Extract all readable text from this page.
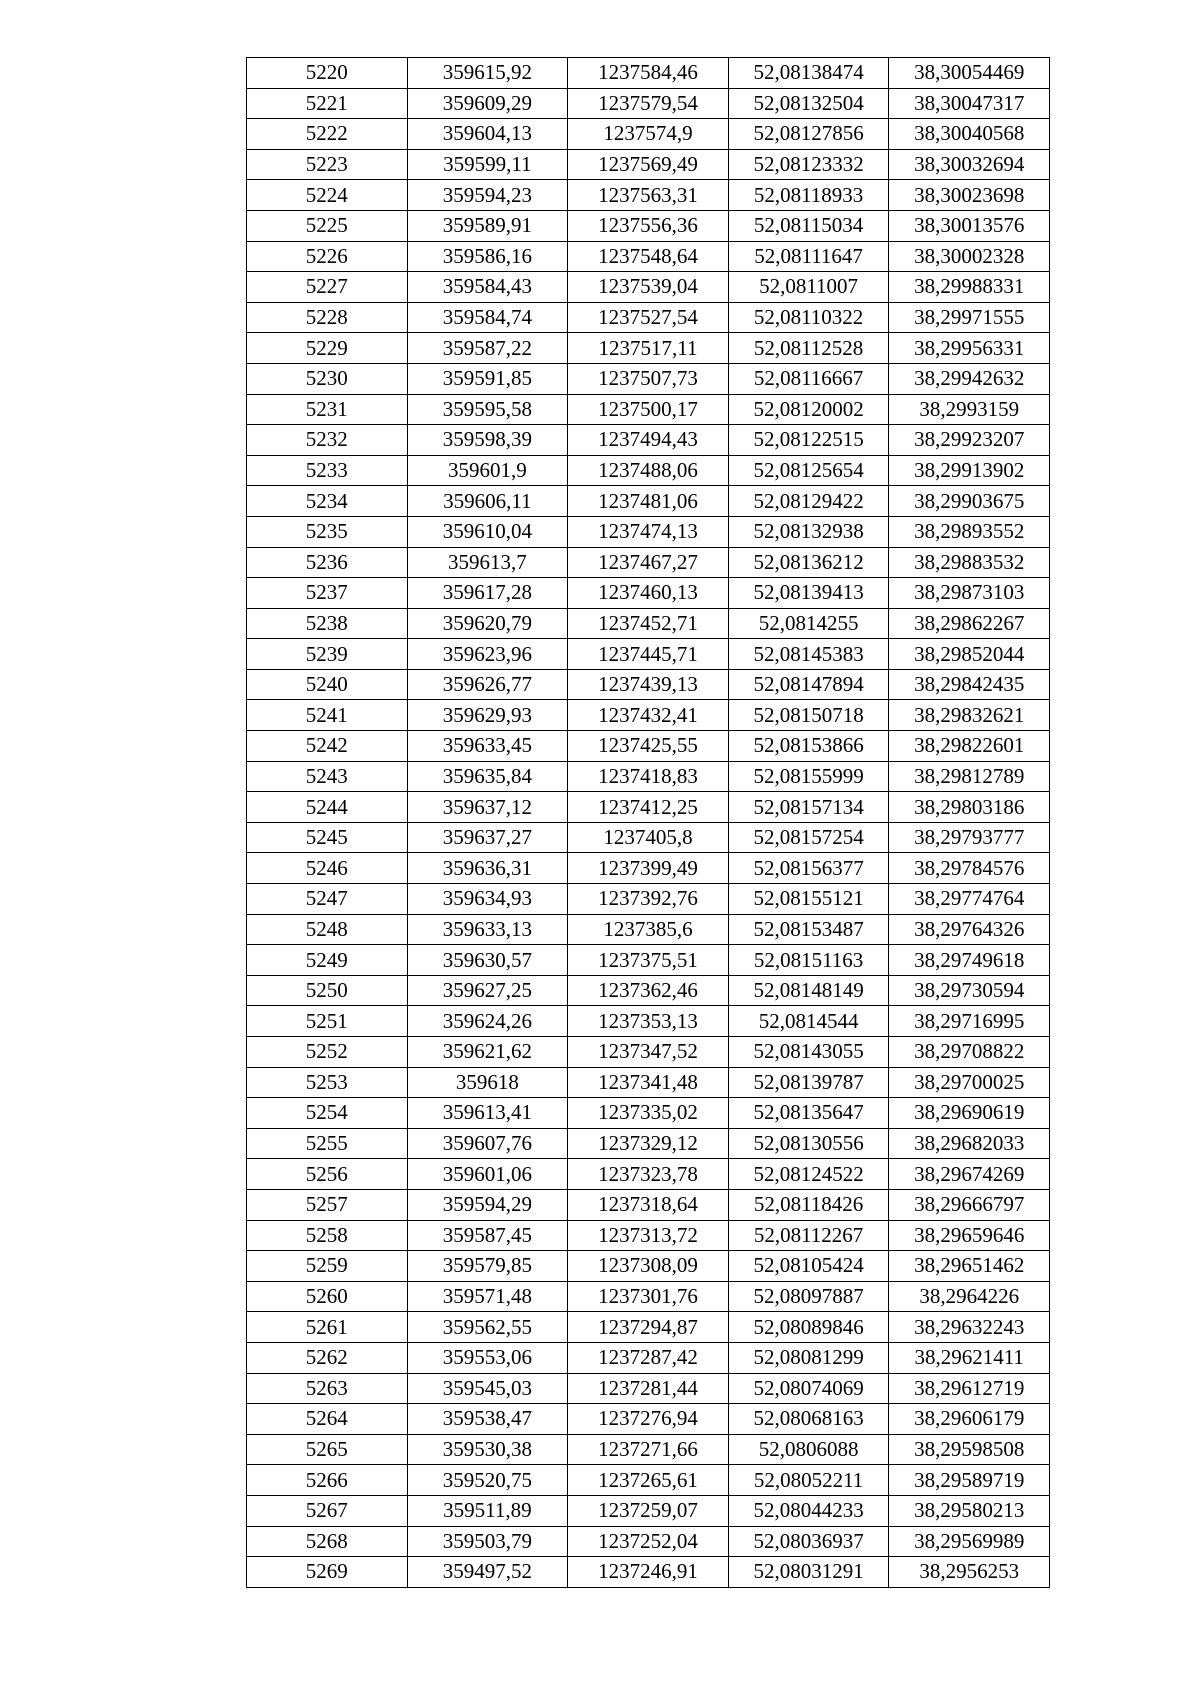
5220	359615,92	1237584,46	52,08138474	38,30054469
5221	359609,29	1237579,54	52,08132504	38,30047317
5222	359604,13	1237574,9	52,08127856	38,30040568
5223	359599,11	1237569,49	52,08123332	38,30032694
5224	359594,23	1237563,31	52,08118933	38,30023698
5225	359589,91	1237556,36	52,08115034	38,30013576
5226	359586,16	1237548,64	52,08111647	38,30002328
5227	359584,43	1237539,04	52,0811007	38,29988331
5228	359584,74	1237527,54	52,08110322	38,29971555
5229	359587,22	1237517,11	52,08112528	38,29956331
5230	359591,85	1237507,73	52,08116667	38,29942632
5231	359595,58	1237500,17	52,08120002	38,2993159
5232	359598,39	1237494,43	52,08122515	38,29923207
5233	359601,9	1237488,06	52,08125654	38,29913902
5234	359606,11	1237481,06	52,08129422	38,29903675
5235	359610,04	1237474,13	52,08132938	38,29893552
5236	359613,7	1237467,27	52,08136212	38,29883532
5237	359617,28	1237460,13	52,08139413	38,29873103
5238	359620,79	1237452,71	52,0814255	38,29862267
5239	359623,96	1237445,71	52,08145383	38,29852044
5240	359626,77	1237439,13	52,08147894	38,29842435
5241	359629,93	1237432,41	52,08150718	38,29832621
5242	359633,45	1237425,55	52,08153866	38,29822601
5243	359635,84	1237418,83	52,08155999	38,29812789
5244	359637,12	1237412,25	52,08157134	38,29803186
5245	359637,27	1237405,8	52,08157254	38,29793777
5246	359636,31	1237399,49	52,08156377	38,29784576
5247	359634,93	1237392,76	52,08155121	38,29774764
5248	359633,13	1237385,6	52,08153487	38,29764326
5249	359630,57	1237375,51	52,08151163	38,29749618
5250	359627,25	1237362,46	52,08148149	38,29730594
5251	359624,26	1237353,13	52,0814544	38,29716995
5252	359621,62	1237347,52	52,08143055	38,29708822
5253	359618	1237341,48	52,08139787	38,29700025
5254	359613,41	1237335,02	52,08135647	38,29690619
5255	359607,76	1237329,12	52,08130556	38,29682033
5256	359601,06	1237323,78	52,08124522	38,29674269
5257	359594,29	1237318,64	52,08118426	38,29666797
5258	359587,45	1237313,72	52,08112267	38,29659646
5259	359579,85	1237308,09	52,08105424	38,29651462
5260	359571,48	1237301,76	52,08097887	38,2964226
5261	359562,55	1237294,87	52,08089846	38,29632243
5262	359553,06	1237287,42	52,08081299	38,29621411
5263	359545,03	1237281,44	52,08074069	38,29612719
5264	359538,47	1237276,94	52,08068163	38,29606179
5265	359530,38	1237271,66	52,0806088	38,29598508
5266	359520,75	1237265,61	52,08052211	38,29589719
5267	359511,89	1237259,07	52,08044233	38,29580213
5268	359503,79	1237252,04	52,08036937	38,29569989
5269	359497,52	1237246,91	52,08031291	38,2956253
